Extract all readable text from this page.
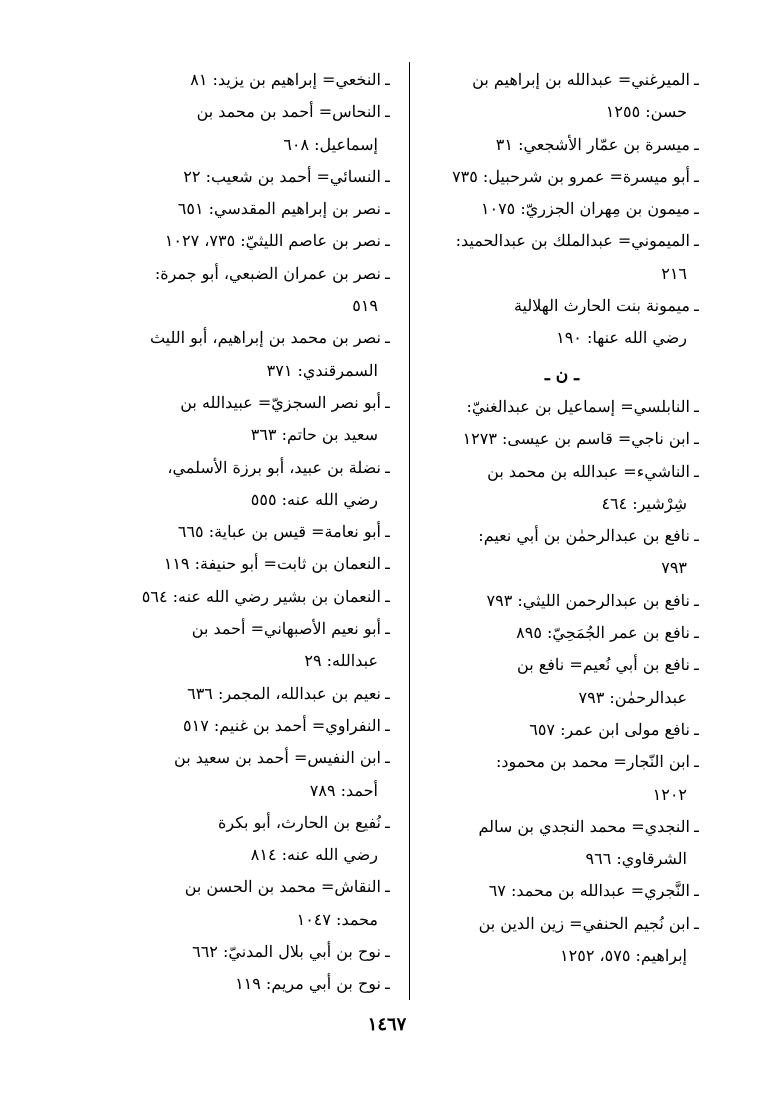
ـالميرغني= عبدالله بن إبراهيم بن
حسن: ١٢٥٥
ـميسرة بن عمّار الأشجعي: ٣١
ـأبو ميسرة= عمرو بن شرحبيل: ٧٣٥
ـميمون بن مِهران الجزريّ: ١٠٧٥
ـالميموني= عبدالملك بن عبدالحميد:
٢١٦
ـميمونة بنت الحارث الهلالية
رضي الله عنها: ١٩٠
ـ ن ـ
ـالنابلسي= إسماعيل بن عبدالغنيّ:
ـابن ناجي= قاسم بن عيسى: ١٢٧٣
ـالناشيء= عبدالله بن محمد بن
شِرْشير: ٤٦٤
ـنافع بن عبدالرحمٰن بن أبي نعيم:
٧٩٣
ـنافع بن عبدالرحمن الليثي: ٧٩٣
ـنافع بن عمر الجُمَحِيّ: ٨٩٥
ـنافع بن أبي نُعيم= نافع بن
عبدالرحمٰن: ٧٩٣
ـنافع مولى ابن عمر: ٦٥٧
ـابن النّجار= محمد بن محمود:
١٢٠٢
ـالنجدي= محمد النجدي بن سالم
الشرقاوي: ٩٦٦
ـالنَّجري= عبدالله بن محمد: ٦٧
ـابن نُجيم الحنفي= زين الدين بن
إبراهيم: ٥٧٥، ١٢٥٢
ـالنخعي= إبراهيم بن يزيد: ٨١
ـالنحاس= أحمد بن محمد بن
إسماعيل: ٦٠٨
ـالنسائي= أحمد بن شعيب: ٢٢
ـنصر بن إبراهيم المقدسي: ٦٥١
ـنصر بن عاصم الليثيّ: ٧٣٥، ١٠٢٧
ـنصر بن عمران الضبعي، أبو جمرة:
٥١٩
ـنصر بن محمد بن إبراهيم، أبو الليث
السمرقندي: ٣٧١
ـأبو نصر السجزيّ= عبيدالله بن
سعيد بن حاتم: ٣٦٣
ـنضلة بن عبيد، أبو برزة الأسلمي،
رضي الله عنه: ٥٥٥
ـأبو نعامة= قيس بن عباية: ٦٦٥
ـالنعمان بن ثابت= أبو حنيفة: ١١٩
ـالنعمان بن بشير رضي الله عنه: ٥٦٤
ـأبو نعيم الأصبهاني= أحمد بن
عبدالله: ٢٩
ـنعيم بن عبدالله، المجمر: ٦٣٦
ـالنفراوي= أحمد بن غنيم: ٥١٧
ـابن النفيس= أحمد بن سعيد بن
أحمد: ٧٨٩
ـنُفيع بن الحارث، أبو بكرة
رضي الله عنه: ٨١٤
ـالنقاش= محمد بن الحسن بن
محمد: ١٠٤٧
ـنوح بن أبي بلال المدنيّ: ٦٦٢
ـنوح بن أبي مريم: ١١٩
١٤٦٧
